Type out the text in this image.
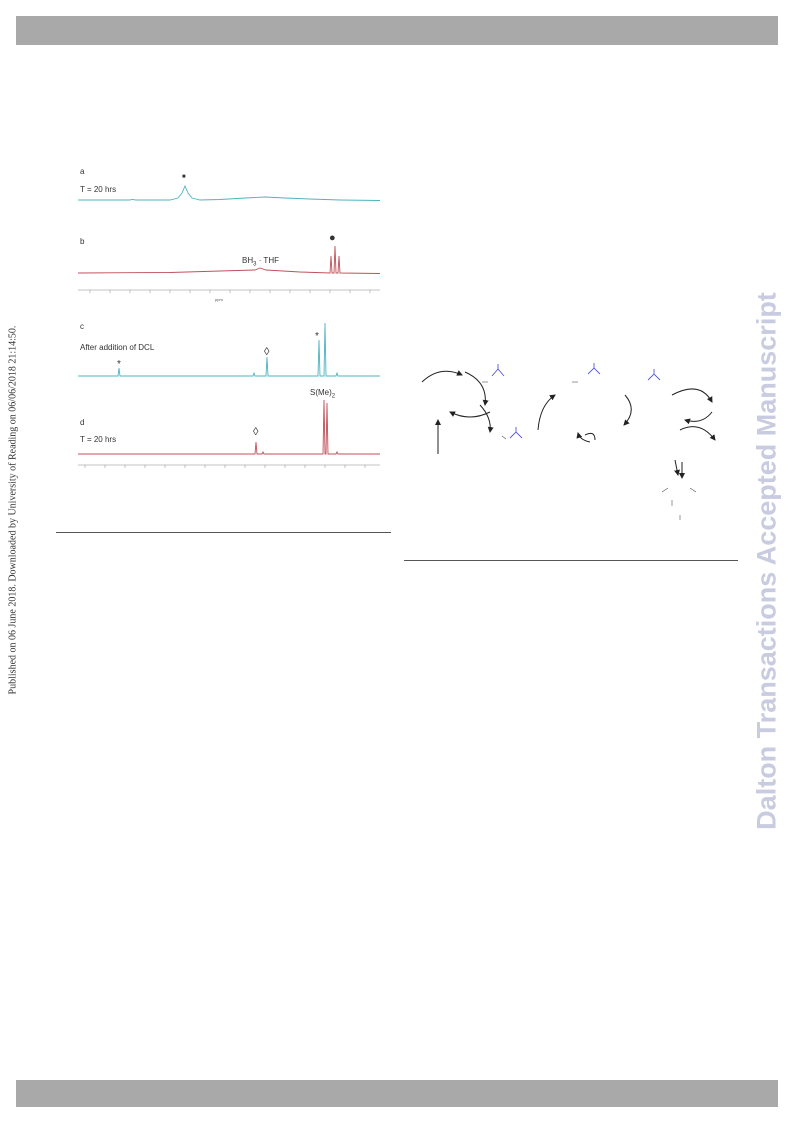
Published on 06 June 2018. Downloaded by University of Reading on 06/06/2018 21:14:50.	Dalton Transactions Accepted Manuscript
a
T = 20 hrs
■
b
$BH_3$ · THF
●
ppm
c
After addition of DCL
*
◊
*
d
T = 20 hrs
◊
$S(Me)_2$
